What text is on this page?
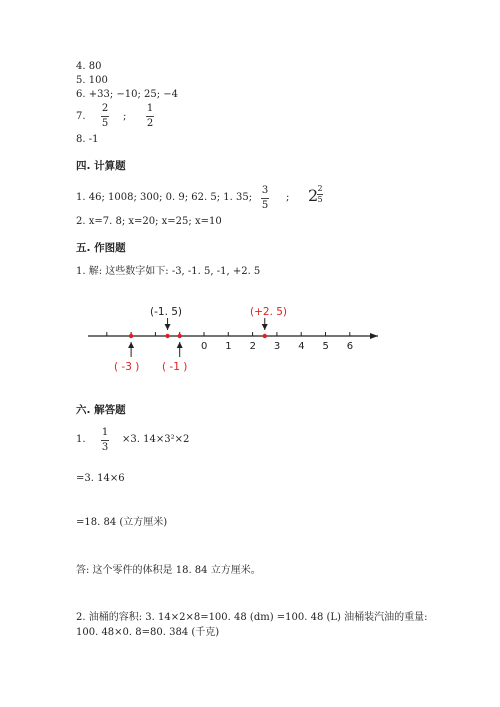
4. 80
5. 100
6. +33; −10; 25; −4
7.
2
5
;
1
2
8. -1
四. 计算题
1. 46; 1008; 300; 0. 9; 62. 5; 1. 35;
3
5
; 2 2
5
2. x=7. 8; x=20; x=25; x=10
五. 作图题
1. 解: 这些数字如下: -3, -1. 5, -1, +2. 5
0 1 2 3 4 5 6
(-1. 5)	(+2. 5)
( -3 ) ( -1 )
六. 解答题
1.
1
3
×3. 14×3²×2
=3. 14×6
=18. 84 (立方厘米)
答: 这个零件的体积是 18. 84 立方厘米。
2. 油桶的容积: 3. 14×2×8=100. 48 (dm) =100. 48 (L) 油桶装汽油的重量:
100. 48×0. 8=80. 384 (千克)
